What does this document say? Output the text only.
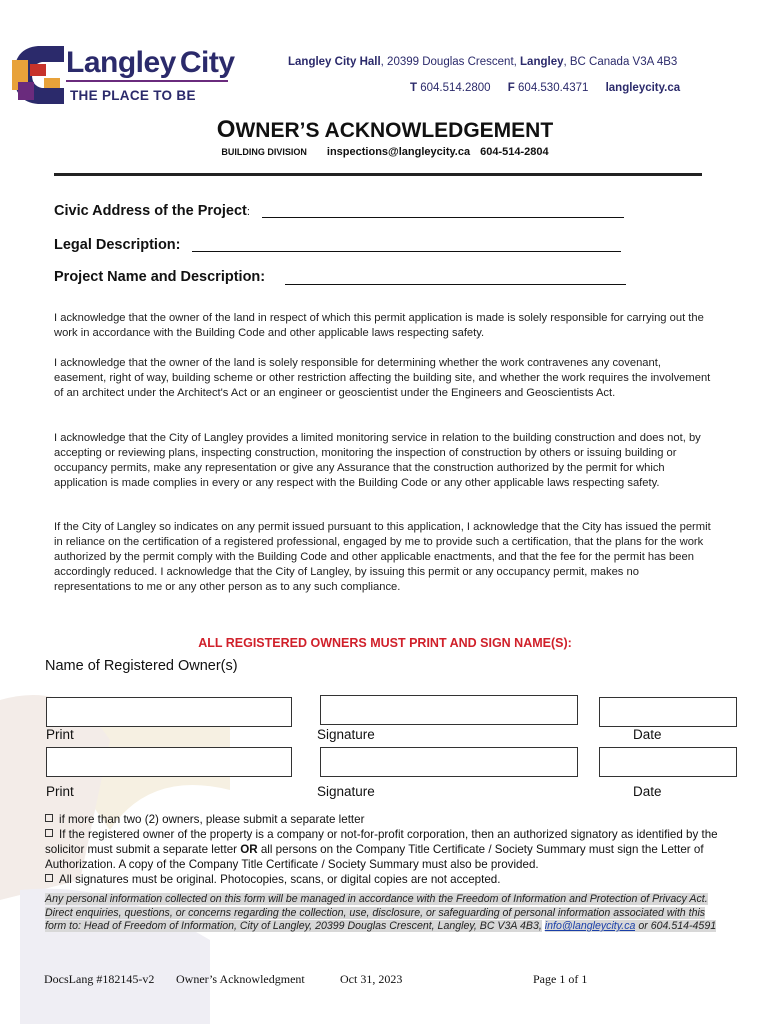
Langley City
THE PLACE TO BE
Langley City Hall, 20399 Douglas Crescent, Langley, BC Canada V3A 4B3
T 604.514.2800 F 604.530.4371 langleycity.ca
OWNER’S ACKNOWLEDGEMENT
BUILDING DIVISION inspections@langleycity.ca 604-514-2804
Civic Address of the Project:
Legal Description:
Project Name and Description:
I acknowledge that the owner of the land in respect of which this permit application is made is solely responsible for carrying out the work in accordance with the Building Code and other applicable laws respecting safety.
I acknowledge that the owner of the land is solely responsible for determining whether the work contravenes any covenant, easement, right of way, building scheme or other restriction affecting the building site, and whether the work requires the involvement of an architect under the Architect's Act or an engineer or geoscientist under the Engineers and Geoscientists Act.
I acknowledge that the City of Langley provides a limited monitoring service in relation to the building construction and does not, by accepting or reviewing plans, inspecting construction, monitoring the inspection of construction by others or issuing building or occupancy permits, make any representation or give any Assurance that the construction authorized by the permit for which application is made complies in every or any respect with the Building Code or any other applicable laws respecting safety.
If the City of Langley so indicates on any permit issued pursuant to this application, I acknowledge that the City has issued the permit in reliance on the certification of a registered professional, engaged by me to provide such a certification, that the plans for the work authorized by the permit comply with the Building Code and other applicable enactments, and that the fee for the permit has been accordingly reduced. I acknowledge that the City of Langley, by issuing this permit or any occupancy permit, makes no representations to me or any other person as to any such compliance.
ALL REGISTERED OWNERS MUST PRINT AND SIGN NAME(S):
Name of Registered Owner(s)
Print	Signature	Date
Print	Signature	Date
if more than two (2) owners, please submit a separate letter
If the registered owner of the property is a company or not-for-profit corporation, then an authorized signatory as identified by the solicitor must submit a separate letter OR all persons on the Company Title Certificate / Society Summary must sign the Letter of Authorization. A copy of the Company Title Certificate / Society Summary must also be provided.
All signatures must be original. Photocopies, scans, or digital copies are not accepted.
Any personal information collected on this form will be managed in accordance with the Freedom of Information and Protection of Privacy Act. Direct enquiries, questions, or concerns regarding the collection, use, disclosure, or safeguarding of personal information associated with this form to: Head of Freedom of Information, City of Langley, 20399 Douglas Crescent, Langley, BC V3A 4B3, info@langleycity.ca or 604.514-4591
DocsLang #182145-v2 Owner’s Acknowledgment	Oct 31, 2023	Page 1 of 1
